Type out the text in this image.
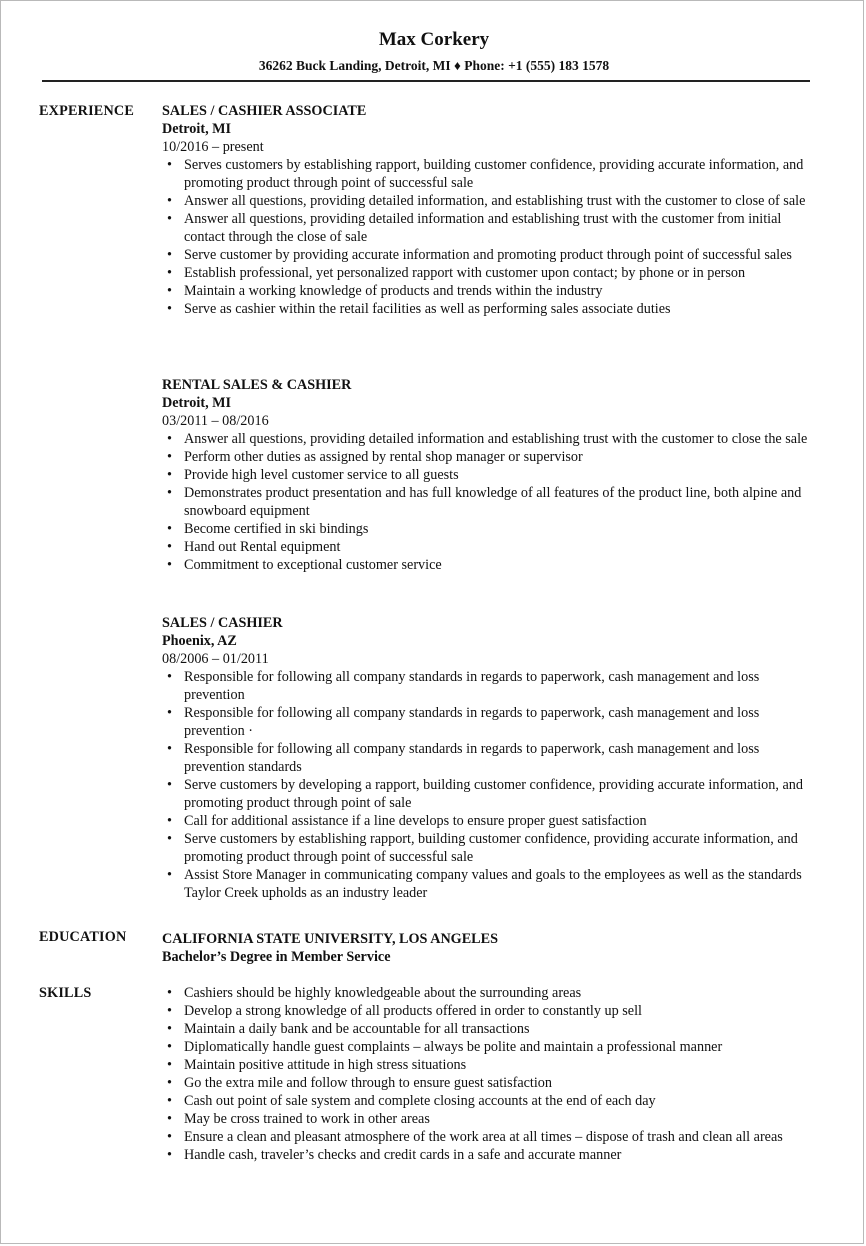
Max Corkery
36262 Buck Landing, Detroit, MI ♦ Phone: +1 (555) 183 1578
EXPERIENCE SALES / CASHIER ASSOCIATE
Detroit, MI
10/2016 – present
• Serves customers by establishing rapport, building customer confidence, providing accurate information, and promoting product through point of successful sale
• Answer all questions, providing detailed information, and establishing trust with the customer to close of sale
• Answer all questions, providing detailed information and establishing trust with the customer from initial contact through the close of sale
• Serve customer by providing accurate information and promoting product through point of successful sales
• Establish professional, yet personalized rapport with customer upon contact; by phone or in person
• Maintain a working knowledge of products and trends within the industry
• Serve as cashier within the retail facilities as well as performing sales associate duties
RENTAL SALES & CASHIER
Detroit, MI
03/2011 – 08/2016
• Answer all questions, providing detailed information and establishing trust with the customer to close the sale
• Perform other duties as assigned by rental shop manager or supervisor
• Provide high level customer service to all guests
• Demonstrates product presentation and has full knowledge of all features of the product line, both alpine and snowboard equipment
• Become certified in ski bindings
• Hand out Rental equipment
• Commitment to exceptional customer service
SALES / CASHIER
Phoenix, AZ
08/2006 – 01/2011
• Responsible for following all company standards in regards to paperwork, cash management and loss prevention
• Responsible for following all company standards in regards to paperwork, cash management and loss prevention ·
• Responsible for following all company standards in regards to paperwork, cash management and loss prevention standards
• Serve customers by developing a rapport, building customer confidence, providing accurate information, and promoting product through point of sale
• Call for additional assistance if a line develops to ensure proper guest satisfaction
• Serve customers by establishing rapport, building customer confidence, providing accurate information, and promoting product through point of successful sale
• Assist Store Manager in communicating company values and goals to the employees as well as the standards Taylor Creek upholds as an industry leader
EDUCATION	CALIFORNIA STATE UNIVERSITY, LOS ANGELES
Bachelor’s Degree in Member Service
SKILLS
•	Cashiers should be highly knowledgeable about the surrounding areas
• Develop a strong knowledge of all products offered in order to constantly up sell
• Maintain a daily bank and be accountable for all transactions
• Diplomatically handle guest complaints – always be polite and maintain a professional manner
• Maintain positive attitude in high stress situations
• Go the extra mile and follow through to ensure guest satisfaction
• Cash out point of sale system and complete closing accounts at the end of each day
• May be cross trained to work in other areas
• Ensure a clean and pleasant atmosphere of the work area at all times – dispose of trash and clean all areas
• Handle cash, traveler’s checks and credit cards in a safe and accurate manner
